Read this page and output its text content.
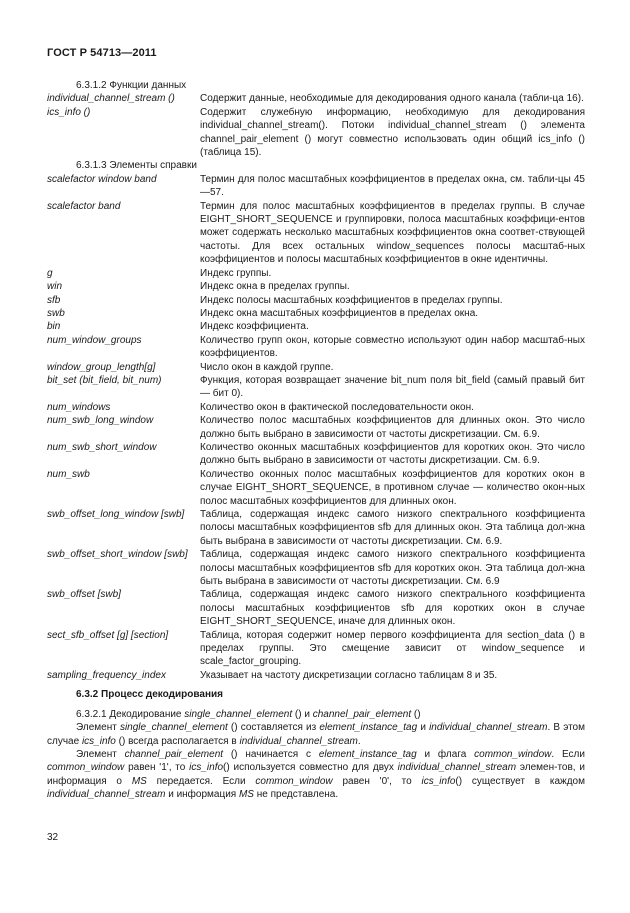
ГОСТ Р 54713—2011
6.3.1.2 Функции данных
individual_channel_stream ()	Содержит данные, необходимые для декодирования одного канала (табли-ца 16).
ics_info ()	Содержит служебную информацию, необходимую для декодирования individual_channel_stream(). Потоки individual_channel_stream () элемента channel_pair_element () могут совместно использовать один общий ics_info () (таблица 15).
6.3.1.3 Элементы справки
scalefactor window band	Термин для полос масштабных коэффициентов в пределах окна, см. табли-цы 45—57.
scalefactor band	Термин для полос масштабных коэффициентов в пределах группы. В случае EIGHT_SHORT_SEQUENCE и группировки, полоса масштабных коэффици-ентов может содержать несколько масштабных коэффициентов окна соответ-ствующей частоты. Для всех остальных window_sequences полосы масштаб-ных коэффициентов и полосы масштабных коэффициентов в окне идентичны.
g	Индекс группы.
win	Индекс окна в пределах группы.
sfb	Индекс полосы масштабных коэффициентов в пределах группы.
swb	Индекс окна масштабных коэффициентов в пределах окна.
bin	Индекс коэффициента.
num_window_groups	Количество групп окон, которые совместно используют один набор масштаб-ных коэффициентов.
window_group_length[g]	Число окон в каждой группе.
bit_set (bit_field, bit_num)	Функция, которая возвращает значение bit_num поля bit_field (самый правый бит — бит 0).
num_windows	Количество окон в фактической последовательности окон.
num_swb_long_window	Количество полос масштабных коэффициентов для длинных окон. Это число должно быть выбрано в зависимости от частоты дискретизации. См. 6.9.
num_swb_short_window	Количество оконных масштабных коэффициентов для коротких окон. Это число должно быть выбрано в зависимости от частоты дискретизации. См. 6.9.
num_swb	Количество оконных полос масштабных коэффициентов для коротких окон в случае EIGHT_SHORT_SEQUENCE, в противном случае — количество окон-ных полос масштабных коэффициентов для длинных окон.
swb_offset_long_window [swb]	Таблица, содержащая индекс самого низкого спектрального коэффициента полосы масштабных коэффициентов sfb для длинных окон. Эта таблица дол-жна быть выбрана в зависимости от частоты дискретизации. См. 6.9.
swb_offset_short_window [swb]	Таблица, содержащая индекс самого низкого спектрального коэффициента полосы масштабных коэффициентов sfb для коротких окон. Эта таблица дол-жна быть выбрана в зависимости от частоты дискретизации. См. 6.9
swb_offset [swb]	Таблица, содержащая индекс самого низкого спектрального коэффициента полосы масштабных коэффициентов sfb для коротких окон в случае EIGHT_SHORT_SEQUENCE, иначе для длинных окон.
sect_sfb_offset [g] [section]	Таблица, которая содержит номер первого коэффициента для section_data () в пределах группы. Это смещение зависит от window_sequence и scale_factor_grouping.
sampling_frequency_index	Указывает на частоту дискретизации согласно таблицам 8 и 35.
6.3.2 Процесс декодирования

6.3.2.1 Декодирование single_channel_element () и channel_pair_element ()

Элемент single_channel_element () составляется из element_instance_tag и individual_channel_stream. В этом случае ics_info () всегда располагается в individual_channel_stream.

Элемент channel_pair_element () начинается с element_instance_tag и флага common_window. Если common_window равен '1', то ics_info() используется совместно для двух individual_channel_stream элемен-тов, и информация о MS передается. Если common_window равен '0', то ics_info() существует в каждом individual_channel_stream и информация MS не представлена.

32
